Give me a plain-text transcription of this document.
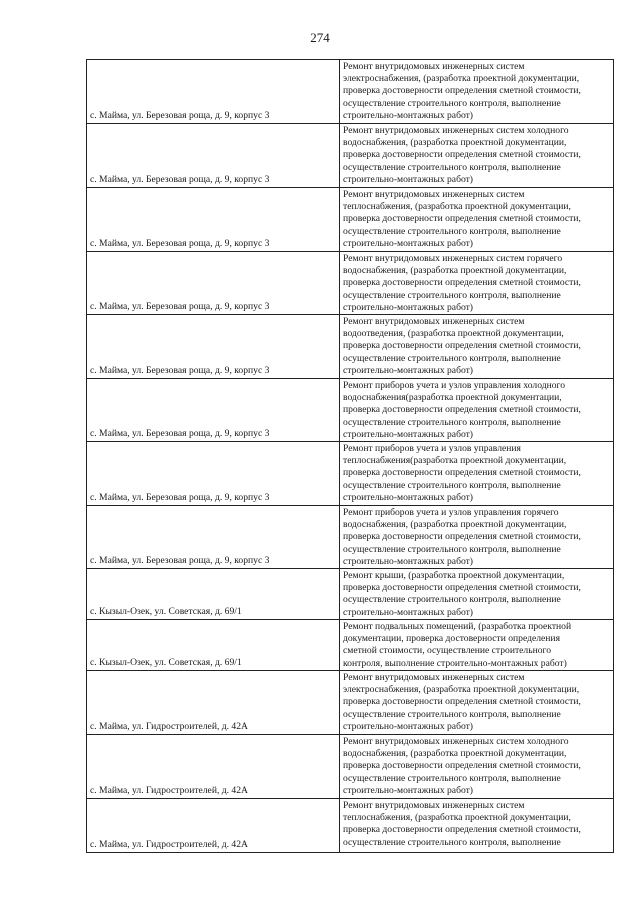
274
с. Майма, ул. Березовая роща, д. 9, корпус 3	Ремонт внутридомовых инженерных систем
электроснабжения, (разработка проектной документации,
проверка достоверности определения сметной стоимости,
осуществление строительного контроля, выполнение
строительно-монтажных работ)

с. Майма, ул. Березовая роща, д. 9, корпус 3	Ремонт внутридомовых инженерных систем холодного
водоснабжения, (разработка проектной документации,
проверка достоверности определения сметной стоимости,
осуществление строительного контроля, выполнение
строительно-монтажных работ)

с. Майма, ул. Березовая роща, д. 9, корпус 3	Ремонт внутридомовых инженерных систем
теплоснабжения, (разработка проектной документации,
проверка достоверности определения сметной стоимости,
осуществление строительного контроля, выполнение
строительно-монтажных работ)

с. Майма, ул. Березовая роща, д. 9, корпус 3	Ремонт внутридомовых инженерных систем горячего
водоснабжения, (разработка проектной документации,
проверка достоверности определения сметной стоимости,
осуществление строительного контроля, выполнение
строительно-монтажных работ)

с. Майма, ул. Березовая роща, д. 9, корпус 3	Ремонт внутридомовых инженерных систем
водоотведения, (разработка проектной документации,
проверка достоверности определения сметной стоимости,
осуществление строительного контроля, выполнение
строительно-монтажных работ)

с. Майма, ул. Березовая роща, д. 9, корпус 3	Ремонт приборов учета и узлов управления холодного
водоснабжения(разработка проектной документации,
проверка достоверности определения сметной стоимости,
осуществление строительного контроля, выполнение
строительно-монтажных работ)

с. Майма, ул. Березовая роща, д. 9, корпус 3	Ремонт приборов учета и узлов управления
теплоснабжения(разработка проектной документации,
проверка достоверности определения сметной стоимости,
осуществление строительного контроля, выполнение
строительно-монтажных работ)

с. Майма, ул. Березовая роща, д. 9, корпус 3	Ремонт приборов учета и узлов управления горячего
водоснабжения, (разработка проектной документации,
проверка достоверности определения сметной стоимости,
осуществление строительного контроля, выполнение
строительно-монтажных работ)

с. Кызыл-Озек, ул. Советская, д. 69/1	Ремонт крыши, (разработка проектной документации,
проверка достоверности определения сметной стоимости,
осуществление строительного контроля, выполнение
строительно-монтажных работ)

с. Кызыл-Озек, ул. Советская, д. 69/1	Ремонт подвальных помещений, (разработка проектной
документации, проверка достоверности определения
сметной стоимости, осуществление строительного
контроля, выполнение строительно-монтажных работ)

с. Майма, ул. Гидростроителей, д. 42А	Ремонт внутридомовых инженерных систем
электроснабжения, (разработка проектной документации,
проверка достоверности определения сметной стоимости,
осуществление строительного контроля, выполнение
строительно-монтажных работ)

с. Майма, ул. Гидростроителей, д. 42А	Ремонт внутридомовых инженерных систем холодного
водоснабжения, (разработка проектной документации,
проверка достоверности определения сметной стоимости,
осуществление строительного контроля, выполнение
строительно-монтажных работ)

с. Майма, ул. Гидростроителей, д. 42А	Ремонт внутридомовых инженерных систем
теплоснабжения, (разработка проектной документации,
проверка достоверности определения сметной стоимости,
осуществление строительного контроля, выполнение
